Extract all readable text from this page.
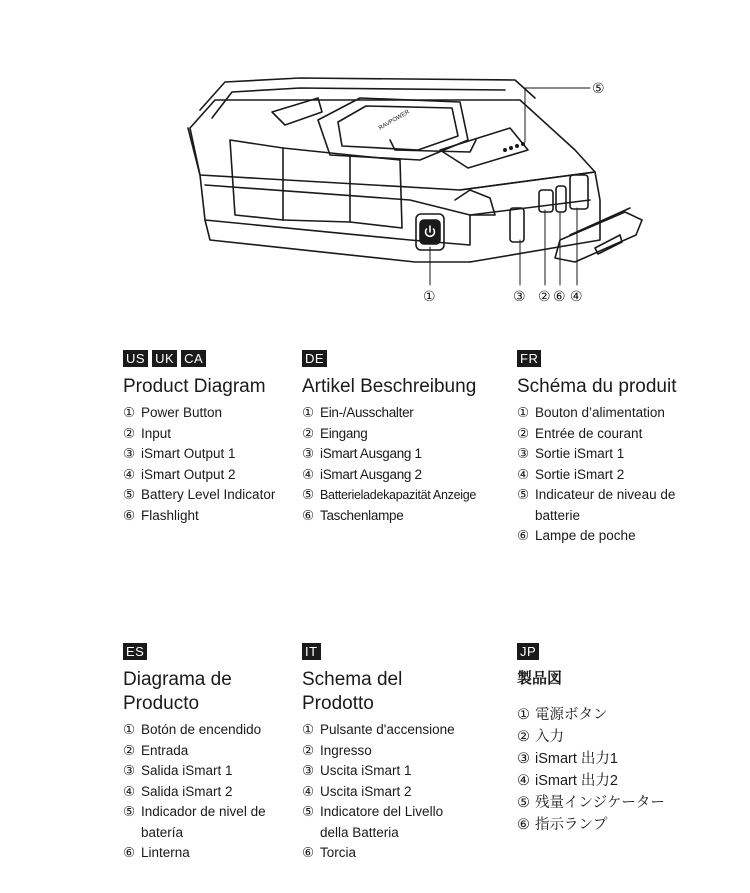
RAVPOWER
①	③ ② ⑥ ④
⑤
US UK CA
Product Diagram
① Power Button
② Input
③ iSmart Output 1
④ iSmart Output 2
⑤ Battery Level Indicator
⑥ Flashlight
DE
Artikel Beschreibung
① Ein-/Ausschalter
② Eingang
③ iSmart Ausgang 1
④ iSmart Ausgang 2
⑤ Batterieladekapazität Anzeige
⑥ Taschenlampe
FR
Schéma du produit
① Bouton d’alimentation
② Entrée de courant
③ Sortie iSmart 1
④ Sortie iSmart 2
⑤ Indicateur de niveau de batterie
⑥ Lampe de poche
ES
Diagrama de Producto
① Botón de encendido
② Entrada
③ Salida iSmart 1
④ Salida iSmart 2
⑤ Indicador de nivel de batería
⑥ Linterna
IT
Schema del Prodotto
① Pulsante d'accensione
② Ingresso
③ Uscita iSmart 1
④ Uscita iSmart 2
⑤ Indicatore del Livello della Batteria
⑥ Torcia
JP
製品図
① 電源ボタン
② 入力
③ iSmart 出力1
④ iSmart 出力2
⑤ 残量インジケーター
⑥ 指示ランプ
